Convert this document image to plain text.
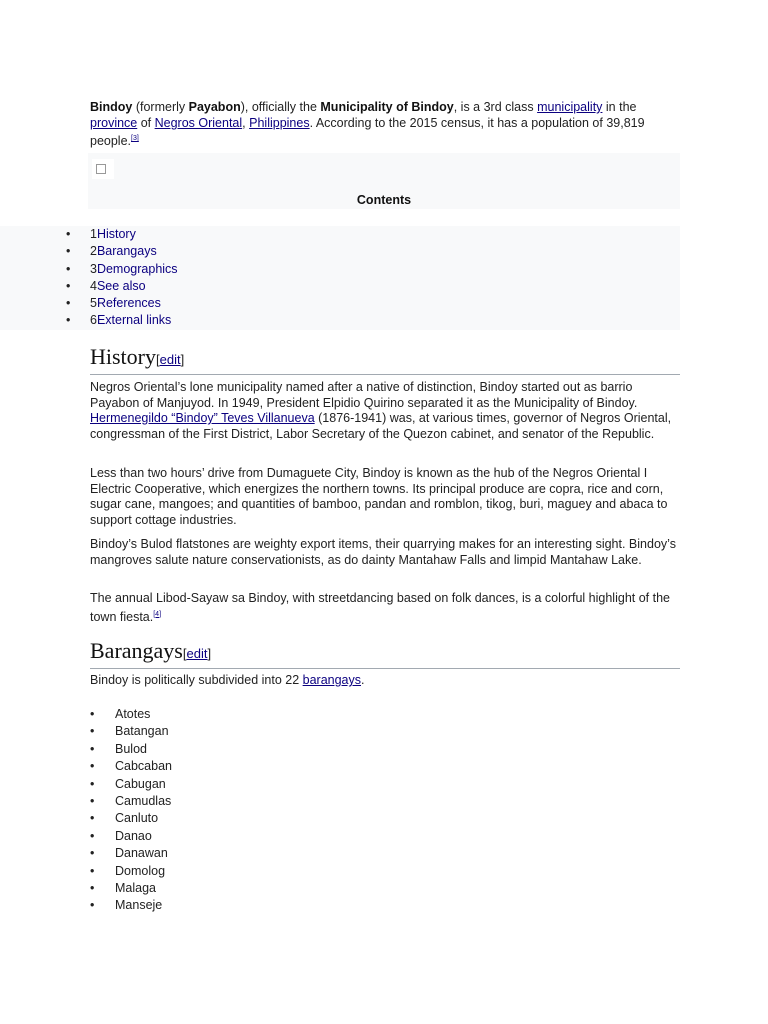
Bindoy (formerly Payabon), officially the Municipality of Bindoy, is a 3rd class municipality in the province of Negros Oriental, Philippines. According to the 2015 census, it has a population of 39,819 people.[3]

Contents
• 1History
• 2Barangays
• 3Demographics
• 4See also
• 5References
• 6External links
History[edit]

Negros Oriental’s lone municipality named after a native of distinction, Bindoy started out as barrio Payabon of Manjuyod. In 1949, President Elpidio Quirino separated it as the Municipality of Bindoy. Hermenegildo “Bindoy” Teves Villanueva (1876-1941) was, at various times, governor of Negros Oriental, congressman of the First District, Labor Secretary of the Quezon cabinet, and senator of the Republic.

Less than two hours’ drive from Dumaguete City, Bindoy is known as the hub of the Negros Oriental I Electric Cooperative, which energizes the northern towns. Its principal produce are copra, rice and corn, sugar cane, mangoes; and quantities of bamboo, pandan and romblon, tikog, buri, maguey and abaca to support cottage industries.

Bindoy’s Bulod flatstones are weighty export items, their quarrying makes for an interesting sight. Bindoy’s mangroves salute nature conservationists, as do dainty Mantahaw Falls and limpid Mantahaw Lake.

The annual Libod-Sayaw sa Bindoy, with streetdancing based on folk dances, is a colorful highlight of the town fiesta.[4]

Barangays[edit]

Bindoy is politically subdivided into 22 barangays.

• Atotes
• Batangan
• Bulod
• Cabcaban
• Cabugan
• Camudlas
• Canluto
• Danao
• Danawan
• Domolog
• Malaga
• Manseje
